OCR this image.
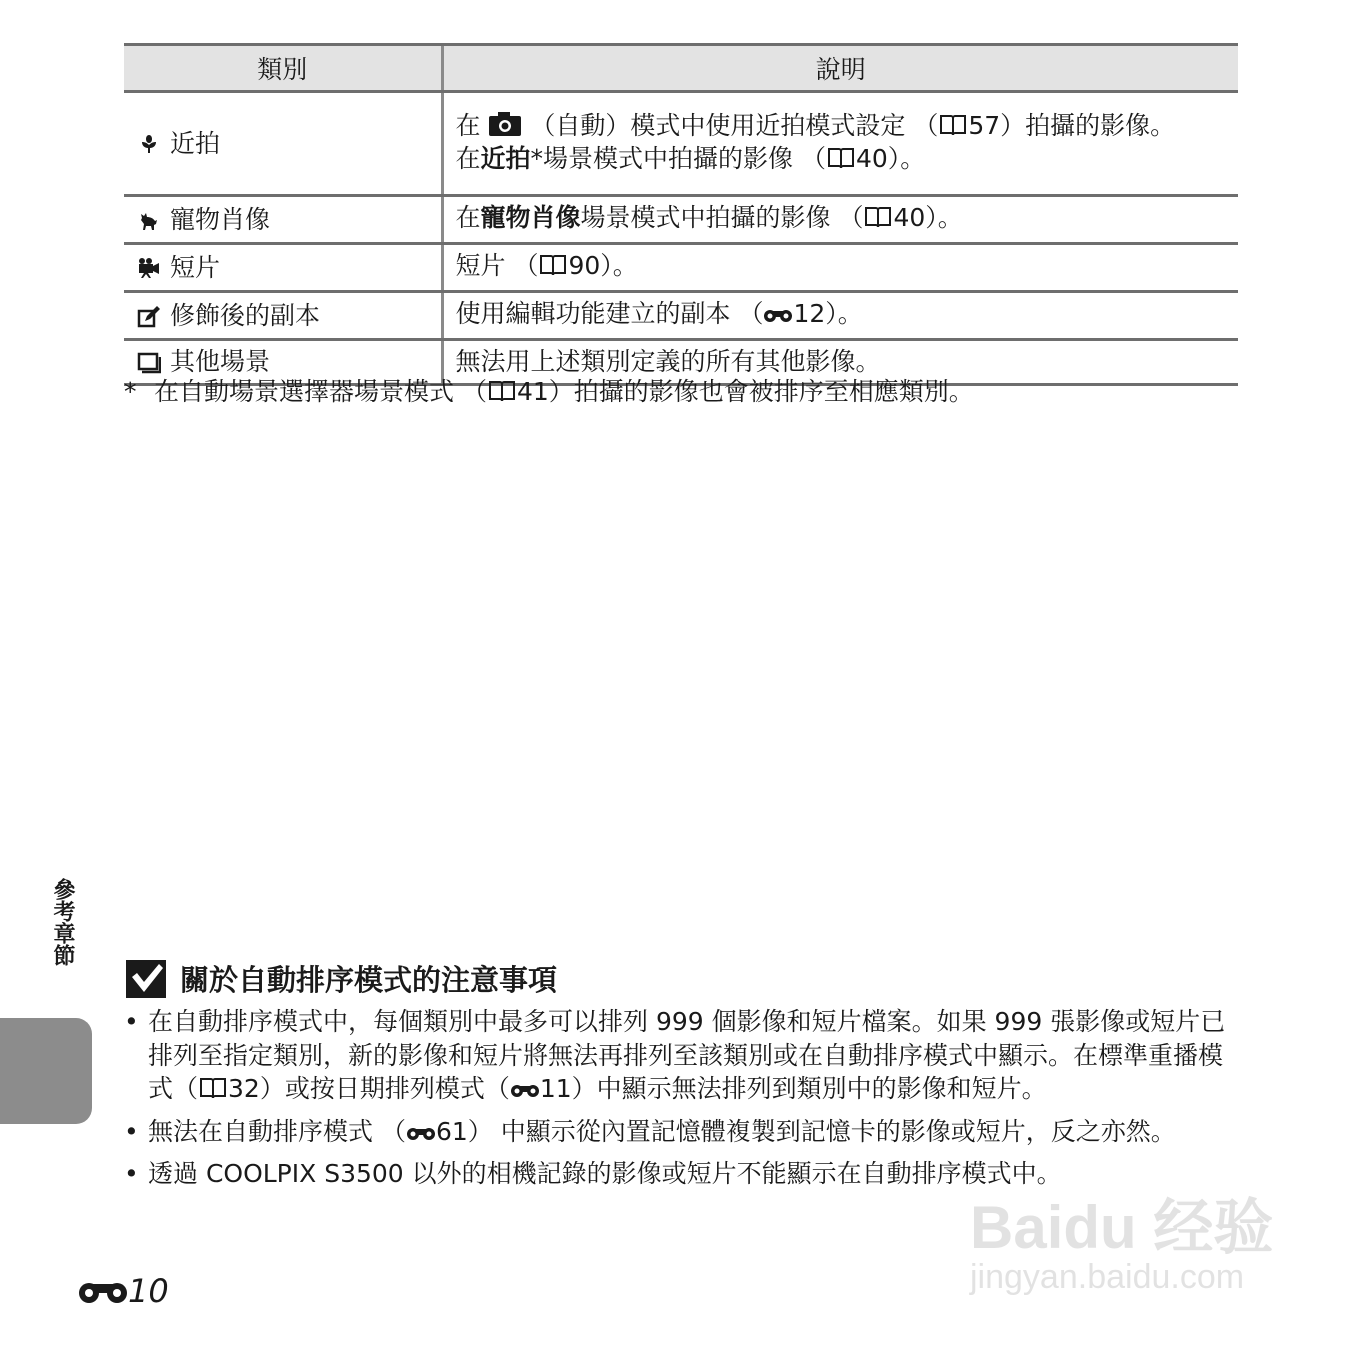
類別	說明

近拍	在  （自動）模式中使用近拍模式設定 （ 57）拍攝的影像。
在近拍*場景模式中拍攝的影像 （ 40）。

寵物肖像	在寵物肖像場景模式中拍攝的影像 （ 40）。

短片	短片 （ 90）。

修飾後的副本	使用編輯功能建立的副本 （ 12）。

其他場景	無法用上述類別定義的所有其他影像。
* 在自動場景選擇器場景模式 （ 41）拍攝的影像也會被排序至相應類別。
參考章節
關於自動排序模式的注意事項
• 在自動排序模式中，每個類別中最多可以排列 999 個影像和短片檔案。如果 999 張影像或短片已排列至指定類別，新的影像和短片將無法再排列至該類別或在自動排序模式中顯示。在標準重播模式（ 32）或按日期排列模式（ 11）中顯示無法排列到類別中的影像和短片。
• 無法在自動排序模式 （ 61） 中顯示從內置記憶體複製到記憶卡的影像或短片，反之亦然。
• 透過 COOLPIX S3500 以外的相機記錄的影像或短片不能顯示在自動排序模式中。
10
Baidu 经验
jingyan.baidu.com
